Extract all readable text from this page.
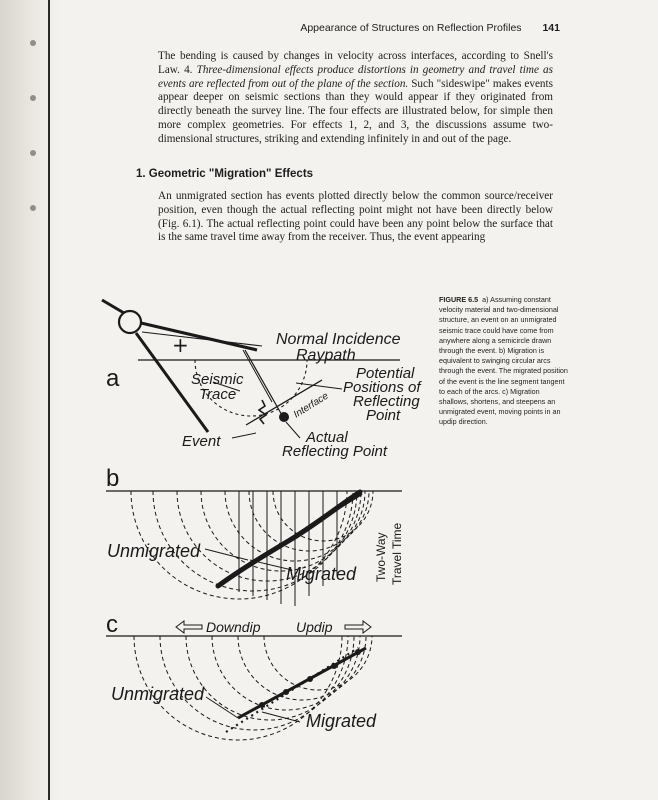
Appearance of Structures on Reflection Profiles 141

The bending is caused by changes in velocity across interfaces, according to Snell's Law. 4. Three-dimensional effects produce distortions in geometry and travel time as events are reflected from out of the plane of the section. Such "sideswipe" makes events appear deeper on seismic sections than they would appear if they originated from directly beneath the survey line. The four effects are illustrated below, for simple then more complex geometries. For effects 1, 2, and 3, the discussions assume two-dimensional structures, striking and extending infinitely in and out of the page.

1. Geometric "Migration" Effects

An unmigrated section has events plotted directly below the common source/receiver position, even though the actual reflecting point might not have been directly below (Fig. 6.1). The actual reflecting point could have been any point below the surface that is the same travel time away from the receiver. Thus, the event appearing

FIGURE 6.5 a) Assuming constant velocity material and two-dimensional structure, an event on an unmigrated seismic trace could have come from anywhere along a semicircle drawn through the event. b) Migration is equivalent to swinging circular arcs through the event. The migrated position of the event is the line segment tangent to each of the arcs. c) Migration shallows, shortens, and steepens an unmigrated event, moving points in an updip direction.

a
+	Normal Incidence
Raypath
Seismic
Trace
Potential
Positions of
Reflecting
Point
Interface
Event	Actual
Reflecting Point
b
Unmigrated
Migrated Two-Way Travel Time
c	Downdip	Updip
Unmigrated
Migrated
